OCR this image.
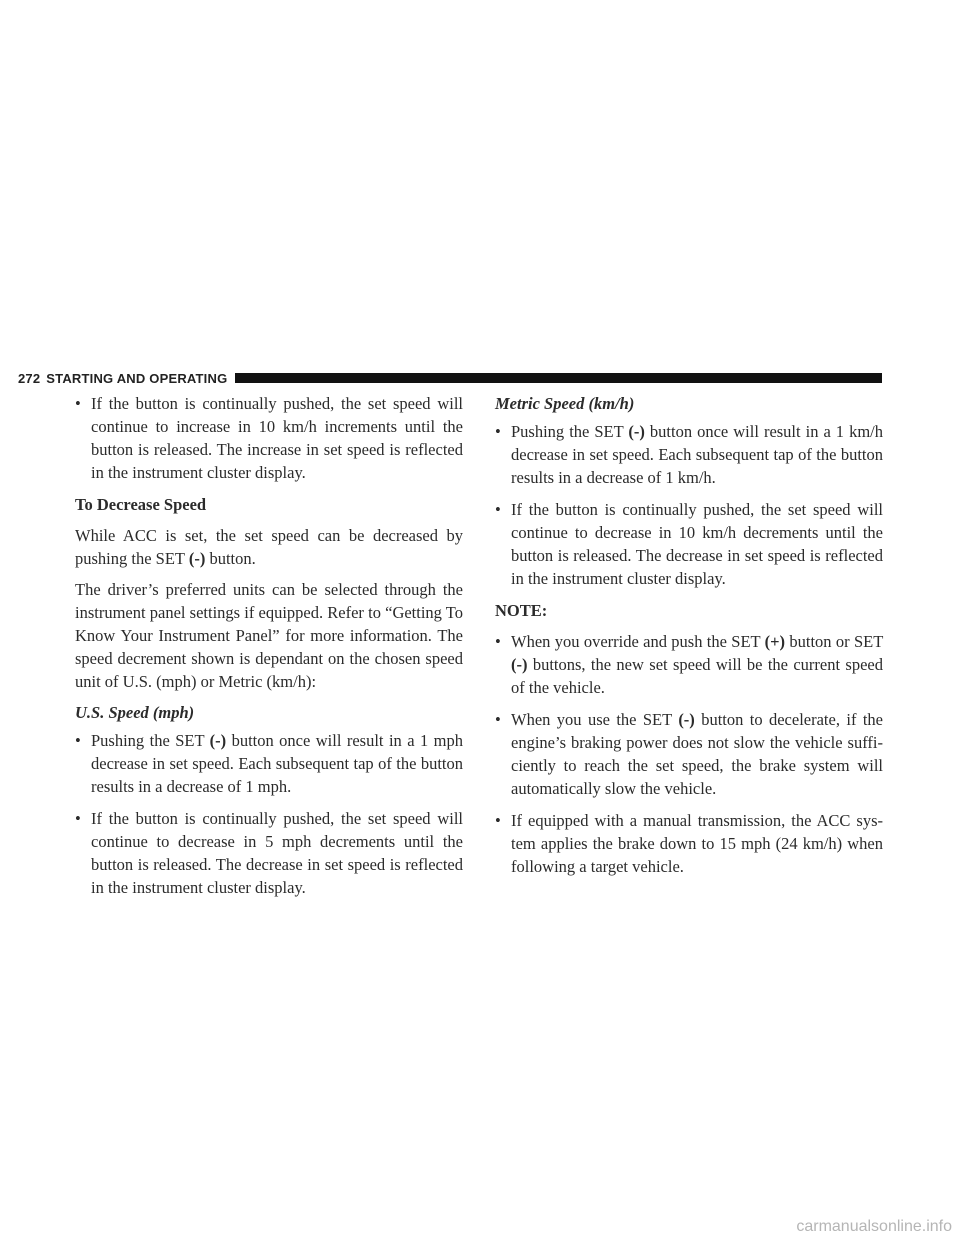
272 STARTING AND OPERATING
• If the button is continually pushed, the set speed will continue to increase in 10 km/h increments until the button is released. The increase in set speed is reflected in the instrument cluster display.
To Decrease Speed

While ACC is set, the set speed can be decreased by pushing the SET (-) button.

The driver’s preferred units can be selected through the instrument panel settings if equipped. Refer to “Getting To Know Your Instrument Panel” for more information. The speed decrement shown is dependant on the chosen speed unit of U.S. (mph) or Metric (km/h):

U.S. Speed (mph)
• Pushing the SET (-) button once will result in a 1 mph decrease in set speed. Each subsequent tap of the button results in a decrease of 1 mph.
• If the button is continually pushed, the set speed will continue to decrease in 5 mph decrements until the button is released. The decrease in set speed is reflected in the instrument cluster display.
Metric Speed (km/h)
• Pushing the SET (-) button once will result in a 1 km/h decrease in set speed. Each subsequent tap of the button results in a decrease of 1 km/h.
• If the button is continually pushed, the set speed will continue to decrease in 10 km/h decrements until the button is released. The decrease in set speed is reflected in the instrument cluster display.
NOTE:
• When you override and push the SET (+) button or SET (-) buttons, the new set speed will be the current speed of the vehicle.
• When you use the SET (-) button to decelerate, if the engine’s braking power does not slow the vehicle suffi-ciently to reach the set speed, the brake system will automatically slow the vehicle.
• If equipped with a manual transmission, the ACC sys-tem applies the brake down to 15 mph (24 km/h) when following a target vehicle.
carmanualsonline.info
